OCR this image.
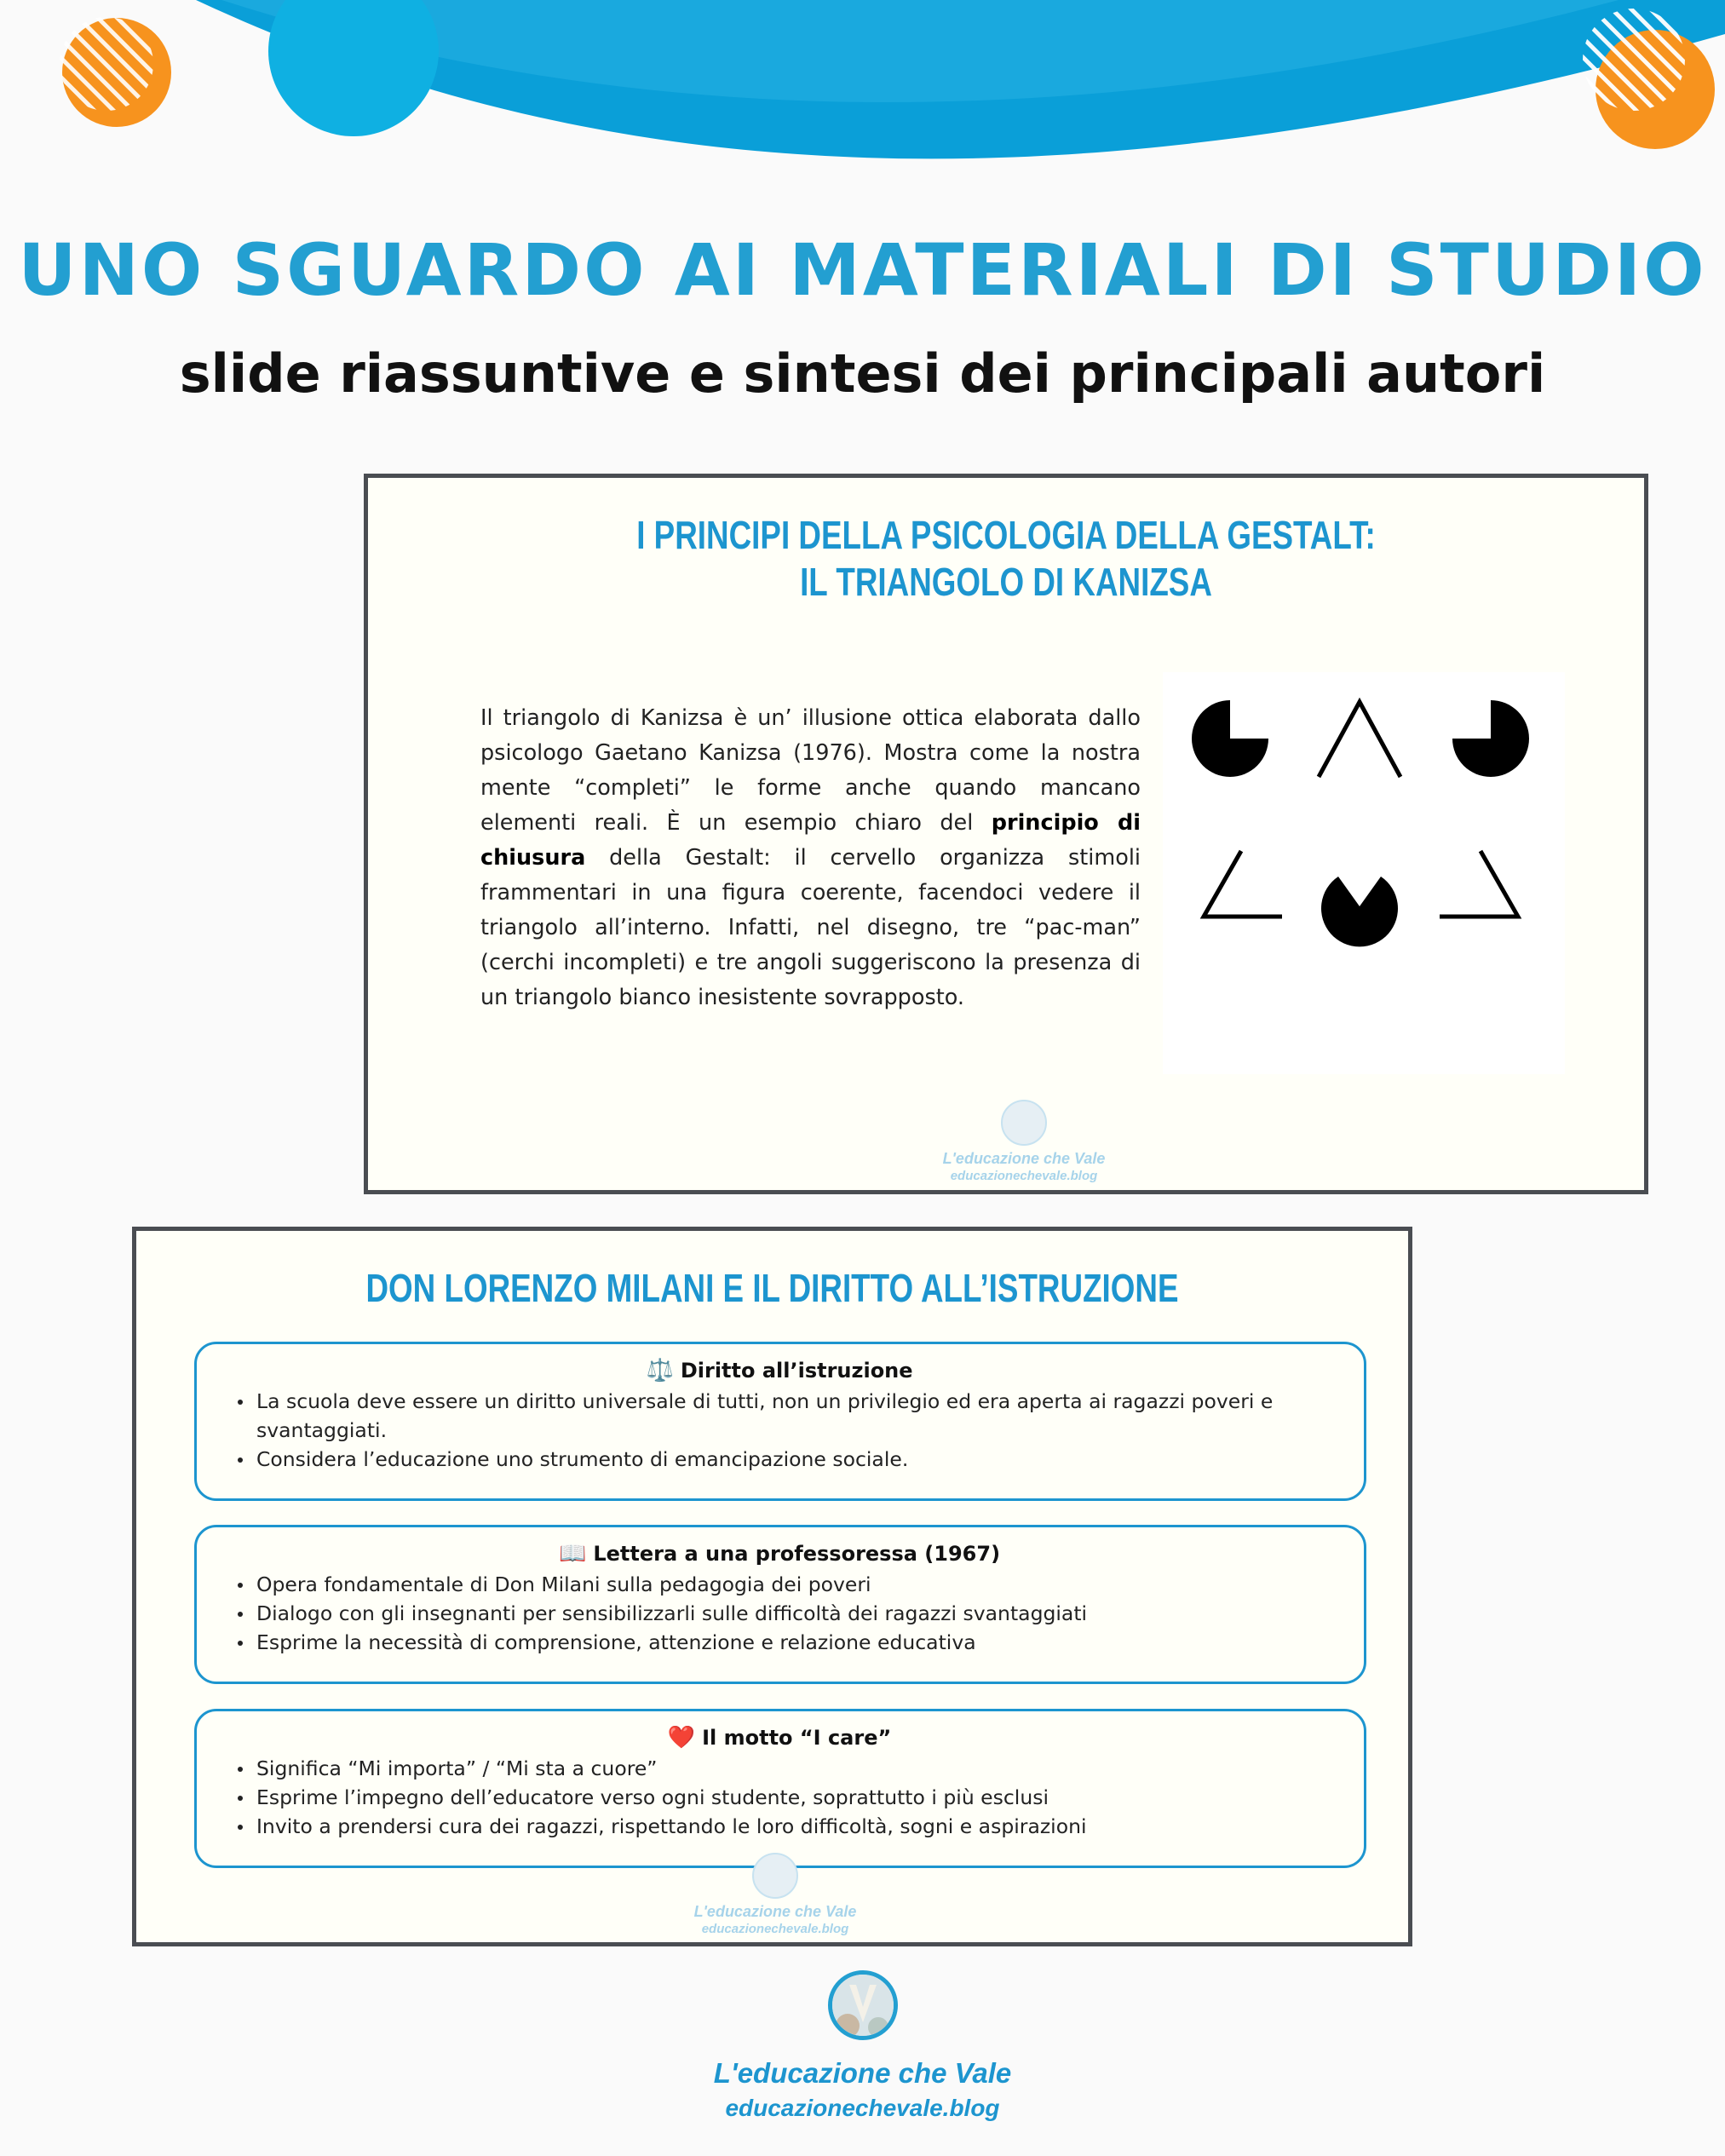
UNO SGUARDO AI MATERIALI DI STUDIO
slide riassuntive e sintesi dei principali autori
I PRINCIPI DELLA PSICOLOGIA DELLA GESTALT:
IL TRIANGOLO DI KANIZSA

Il triangolo di Kanizsa è un’ illusione ottica elaborata dallo psicologo Gaetano Kanizsa (1976). Mostra come la nostra mente “completi” le forme anche quando mancano elementi reali. È un esempio chiaro del principio di chiusura della Gestalt: il cervello organizza stimoli frammentari in una figura coerente, facendoci vedere il triangolo all’interno. Infatti, nel disegno, tre “pac-man” (cerchi incompleti) e tre angoli suggeriscono la presenza di un triangolo bianco inesistente sovrapposto.

L'educazione che Vale
educazionechevale.blog
DON LORENZO MILANI E IL DIRITTO ALL’ISTRUZIONE
⚖️ Diritto all’istruzione
La scuola deve essere un diritto universale di tutti, non un privilegio ed era aperta ai ragazzi poveri e svantaggiati.
Considera l’educazione uno strumento di emancipazione sociale.
📖 Lettera a una professoressa (1967)
Opera fondamentale di Don Milani sulla pedagogia dei poveri
Dialogo con gli insegnanti per sensibilizzarli sulle difficoltà dei ragazzi svantaggiati
Esprime la necessità di comprensione, attenzione e relazione educativa
❤️ Il motto “I care”
Significa “Mi importa” / “Mi sta a cuore”
Esprime l’impegno dell’educatore verso ogni studente, soprattutto i più esclusi
Invito a prendersi cura dei ragazzi, rispettando le loro difficoltà, sogni e aspirazioni
L'educazione che Vale
educazionechevale.blog
L'educazione che Vale
educazionechevale.blog
